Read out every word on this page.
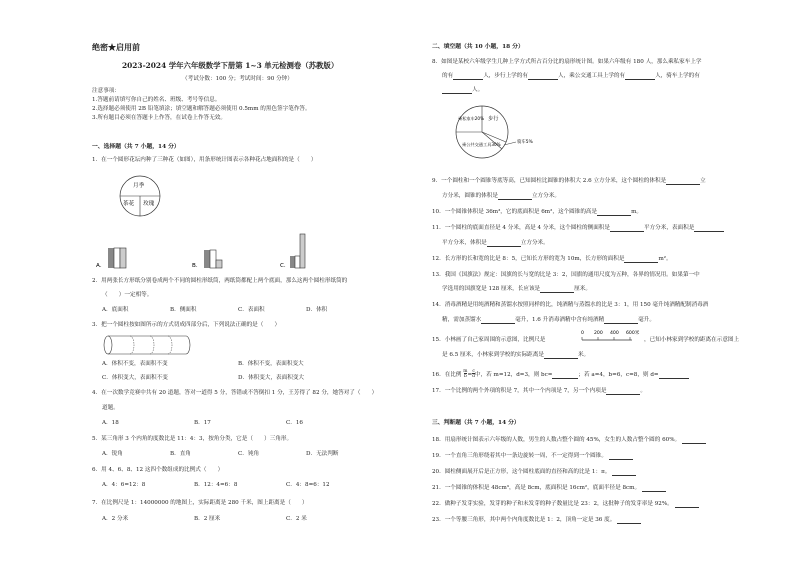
绝密★启用前
2023-2024 学年六年级数学下册第 1~3 单元检测卷（苏教版）
（考试分数：100 分；考试时间：90 分钟）
注意事项：
1.答题前请填写你自己的姓名、班级、考号等信息。
2.选择题必须使用 2B 铅笔填涂；填空题和解答题必须使用 0.5mm 的黑色签字笔作答。
3.所有题目必须在答题卡上作答，在试卷上作答无效。
一、选择题（共 7 小题，14 分）
1．在一个圆形花坛内种了三种花（如图），用条形统计图表示各种花占地面积的是（　　）
月季
茶花 玫瑰
A．	B．	C．
2．用两张长方形纸分别卷成两个不同的圆柱形纸筒，两纸筒都配上两个底面，那么这两个圆柱形纸筒的
（　　）一定相等。
A．底面积	B．侧面积	C．表面积	D．体积
3．把一个圆柱按如图所示的方式切成四部分后，下列说法正确的是（　　）
A．体积不变，表面积不变	B．体积不变，表面积变大
C．体积变大，表面积不变	D．体积变大，表面积变大
4．在一次数学竞赛中共有 20 道题，答对一道得 5 分，答错或不答倒扣 1 分，王芳得了 82 分，她答对了（　　）
道题。
A．18	B．17	C．16
5．某三角形 3 个内角的度数比是 11：4：3，按角分类，它是（　　）三角形。
A．锐角	B．直角	C．钝角	D．无法判断
6．用 4、6、8、12 这四个数组成的比例式（　　）
A．4：6=12：8	B．12：4=6：8	C．4：8=6：12
7．在比例尺是 1：14000000 的地图上，实际距离是 280 千米，图上距离是（　　）
A．2 分米	B．2 厘米	C．2 米
二、填空题（共 10 小题，18 分）
8．如图是某校六年级学生几种上学方式所占百分比的扇形统计图。如果六年级有 180 人，那么乘私家车上学
的有	人，步行上学的有	人，乘公交通工具上学的有	人，骑车上学的有
人。
步行
乘私家车20%
乘公共交通工具30%	骑车5%
9．一个圆柱和一个圆锥等底等高，已知圆柱比圆锥的体积大 2.6 立方分米，这个圆柱的体积是	立
方分米，圆锥的体积是	立方分米。
10．一个圆锥体积是 36m³，它的底面积是 6m²，这个圆锥的高是	m。
11．一个圆柱的底面直径是 4 分米，高是 4 分米，这个圆柱的侧面积是	平方分米，表面积是
平方分米，体积是	立方分米。
12．长方形的长和宽的比是 8：5，已知长方形的宽为 10m，长方形的面积是	m²。
13．我国《国旗法》规定：国旗的长与宽的比是 3：2，国旗的通用尺度为五种，各界的情况用。如果第一中
学选用的国旗宽是 128 厘米，长应该是	厘米。
14．消毒酒精是用纯酒精和蒸馏水按照同样的比，纯酒精与蒸馏水的比是 3：1，用 150 毫升纯酒精配制消毒酒
精，需加蒸馏水	毫升，1.6 升消毒酒精中含有纯酒精	毫升。
15．小林画了自己家周围的示意图，比例尺是
0 200 400 600米
，已知小林家到学校的距离在示意图上
是 6.5 厘米，小林家到学校的实际距离是	米。
16．在比例 m
b=c
d中，若 m=12，d=3，则 bc=	；若 a=4，b=6，c=8，则 d=
17．一个比例的两个外项的积是 7，其中一个内项是 7，另一个内项是	。
三、判断题（共 7 小题，14 分）
18．用扇形统计图表示六年级的人数，男生的人数占整个圆的 45%，女生的人数占整个圆的 60%。
19．一个直角三角形绕着其中一条边旋转一周，不一定得到一个圆锥。
20．圆柱侧面展开后是正方形，这个圆柱底面的直径和高的比是 1：π。
21．一个圆锥的体积是 48cm³，高是 8cm，底面积是 16cm²，底面半径是 8cm。
22．做种子发芽实验，发芽的种子和未发芽的种子数量比是 23：2，这批种子的发芽率是 92%。
23．一个等腰三角形，其中两个内角度数比是 1：2，顶角一定是 36 度。
